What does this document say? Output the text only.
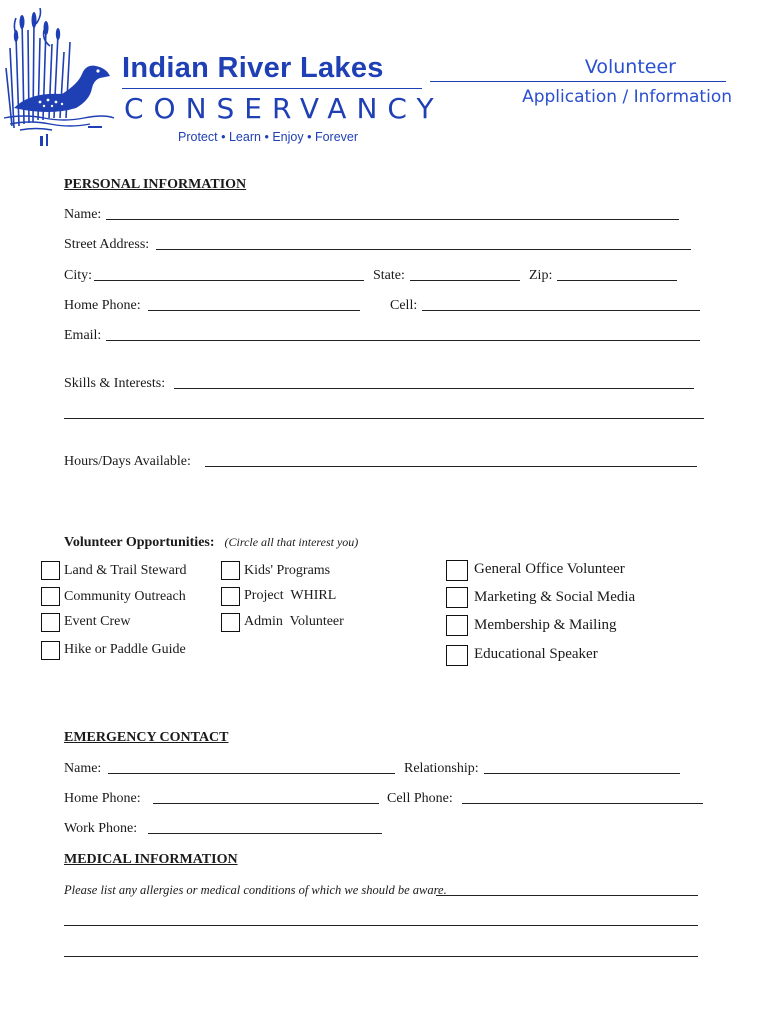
Indian River Lakes
CONSERVANCY
Protect • Learn • Enjoy • Forever
Volunteer
Application / Information
PERSONAL INFORMATION
Name:
Street Address:
City:	State:	Zip:
Home Phone:	Cell:
Email:
Skills & Interests:
Hours/Days Available:
Volunteer Opportunities: (Circle all that interest you)
Land & Trail Steward
Community Outreach
Event Crew
Hike or Paddle Guide
Kids' Programs
Project  WHIRL
Admin  Volunteer
General Office Volunteer
Marketing & Social Media
Membership & Mailing
Educational Speaker
EMERGENCY CONTACT
Name:	Relationship:
Home Phone:	Cell Phone:
Work Phone:
MEDICAL INFORMATION
Please list any allergies or medical conditions of which we should be aware.
